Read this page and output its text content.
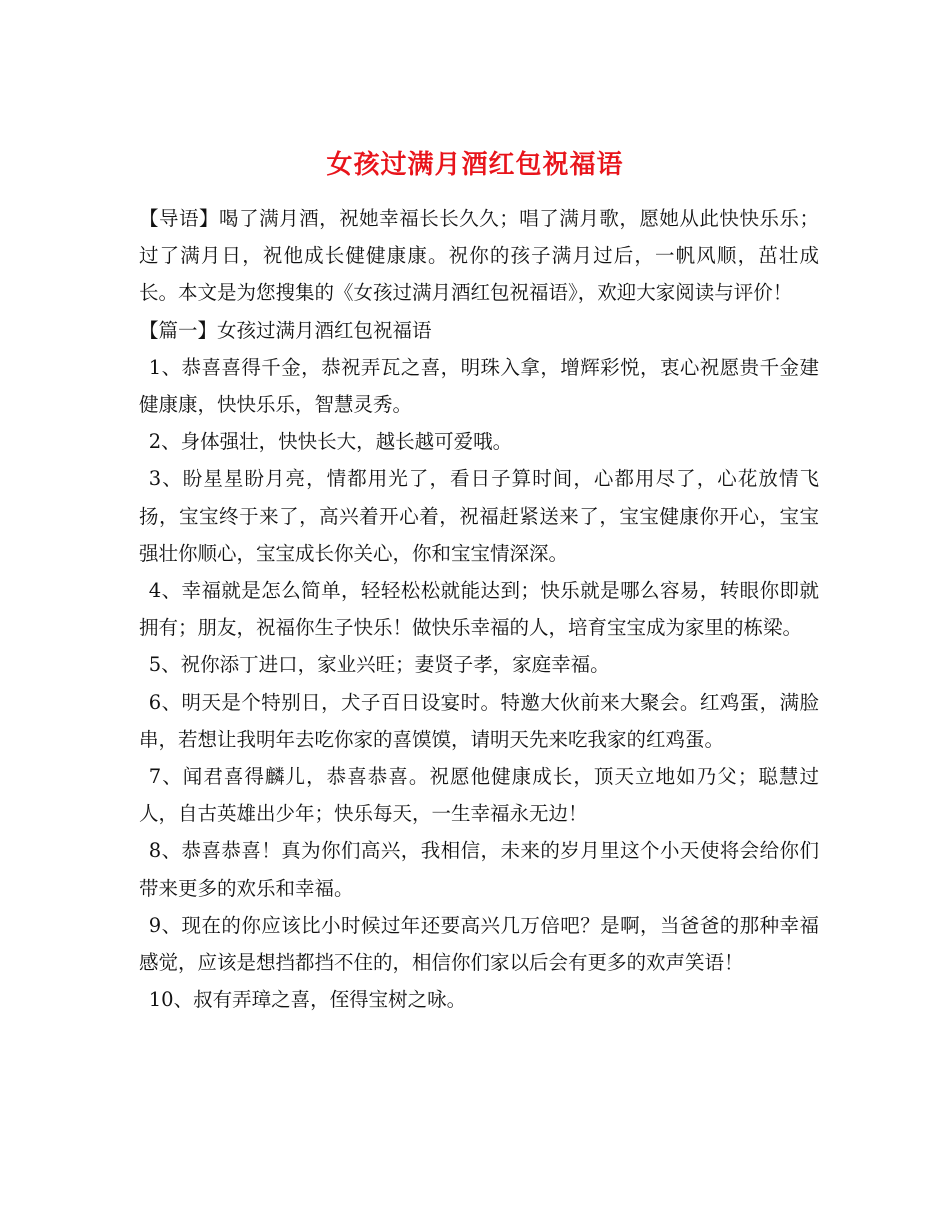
女孩过满月酒红包祝福语

【导语】喝了满月酒，祝她幸福长长久久；唱了满月歌，愿她从此快快乐乐；过了满月日，祝他成长健健康康。祝你的孩子满月过后，一帆风顺，茁壮成长。本文是为您搜集的《女孩过满月酒红包祝福语》，欢迎大家阅读与评价！

【篇一】女孩过满月酒红包祝福语

1、恭喜喜得千金，恭祝弄瓦之喜，明珠入拿，增辉彩悦，衷心祝愿贵千金建健康康，快快乐乐，智慧灵秀。

2、身体强壮，快快长大，越长越可爱哦。

3、盼星星盼月亮，情都用光了，看日子算时间，心都用尽了，心花放情飞扬，宝宝终于来了，高兴着开心着，祝福赶紧送来了，宝宝健康你开心，宝宝强壮你顺心，宝宝成长你关心，你和宝宝情深深。

4、幸福就是怎么简单，轻轻松松就能达到；快乐就是哪么容易，转眼你即就拥有；朋友，祝福你生子快乐！做快乐幸福的人，培育宝宝成为家里的栋梁。

5、祝你添丁进口，家业兴旺；妻贤子孝，家庭幸福。

6、明天是个特别日，犬子百日设宴时。特邀大伙前来大聚会。红鸡蛋，满脸串，若想让我明年去吃你家的喜馍馍，请明天先来吃我家的红鸡蛋。

7、闻君喜得麟儿，恭喜恭喜。祝愿他健康成长，顶天立地如乃父；聪慧过人，自古英雄出少年；快乐每天，一生幸福永无边！

8、恭喜恭喜！真为你们高兴，我相信，未来的岁月里这个小天使将会给你们带来更多的欢乐和幸福。

9、现在的你应该比小时候过年还要高兴几万倍吧？是啊，当爸爸的那种幸福感觉，应该是想挡都挡不住的，相信你们家以后会有更多的欢声笑语！

10、叔有弄璋之喜，侄得宝树之咏。
